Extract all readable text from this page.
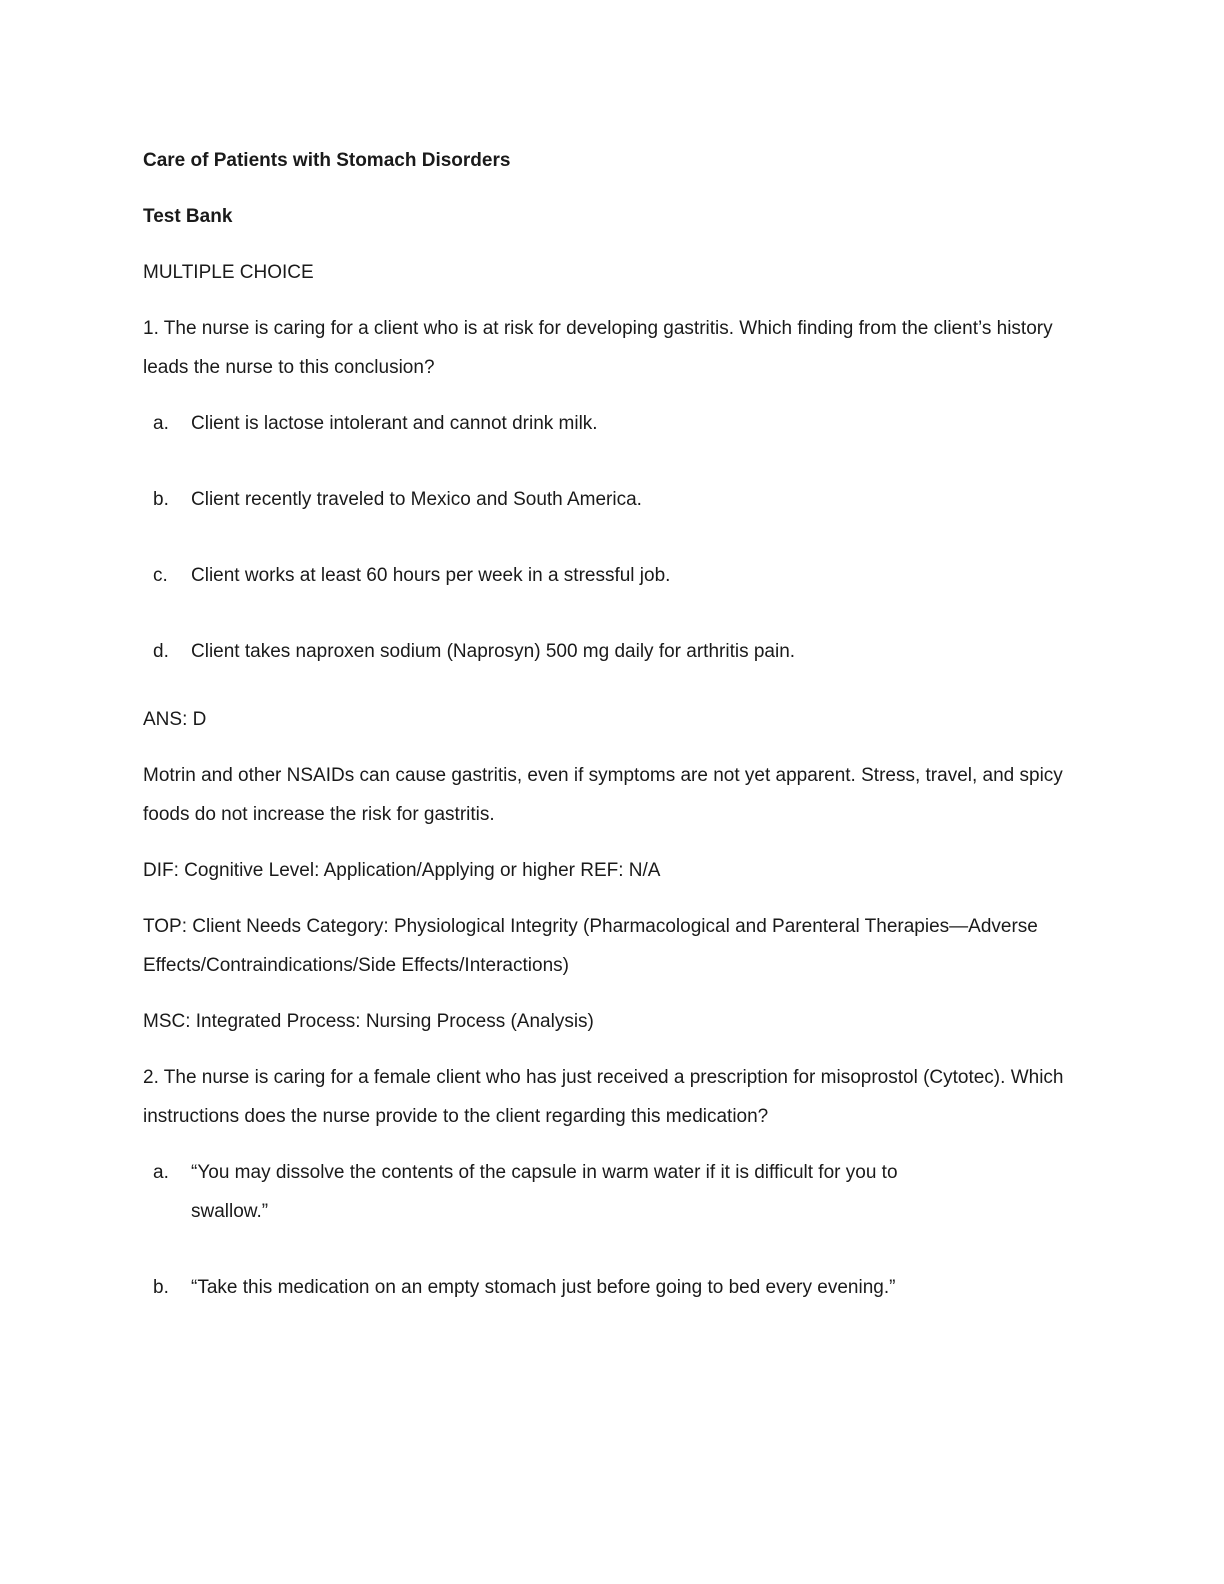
Care of Patients with Stomach Disorders
Test Bank
MULTIPLE CHOICE
1. The nurse is caring for a client who is at risk for developing gastritis. Which finding from the client’s history leads the nurse to this conclusion?
a.	Client is lactose intolerant and cannot drink milk.
b.	Client recently traveled to Mexico and South America.
c.	Client works at least 60 hours per week in a stressful job.
d.	Client takes naproxen sodium (Naprosyn) 500 mg daily for arthritis pain.
ANS: D
Motrin and other NSAIDs can cause gastritis, even if symptoms are not yet apparent. Stress, travel, and spicy foods do not increase the risk for gastritis.
DIF: Cognitive Level: Application/Applying or higher REF: N/A
TOP: Client Needs Category: Physiological Integrity (Pharmacological and Parenteral Therapies—Adverse Effects/Contraindications/Side Effects/Interactions)
MSC: Integrated Process: Nursing Process (Analysis)
2. The nurse is caring for a female client who has just received a prescription for misoprostol (Cytotec). Which instructions does the nurse provide to the client regarding this medication?
a.	“You may dissolve the contents of the capsule in warm water if it is difficult for you to swallow.”
b.	“Take this medication on an empty stomach just before going to bed every evening.”
